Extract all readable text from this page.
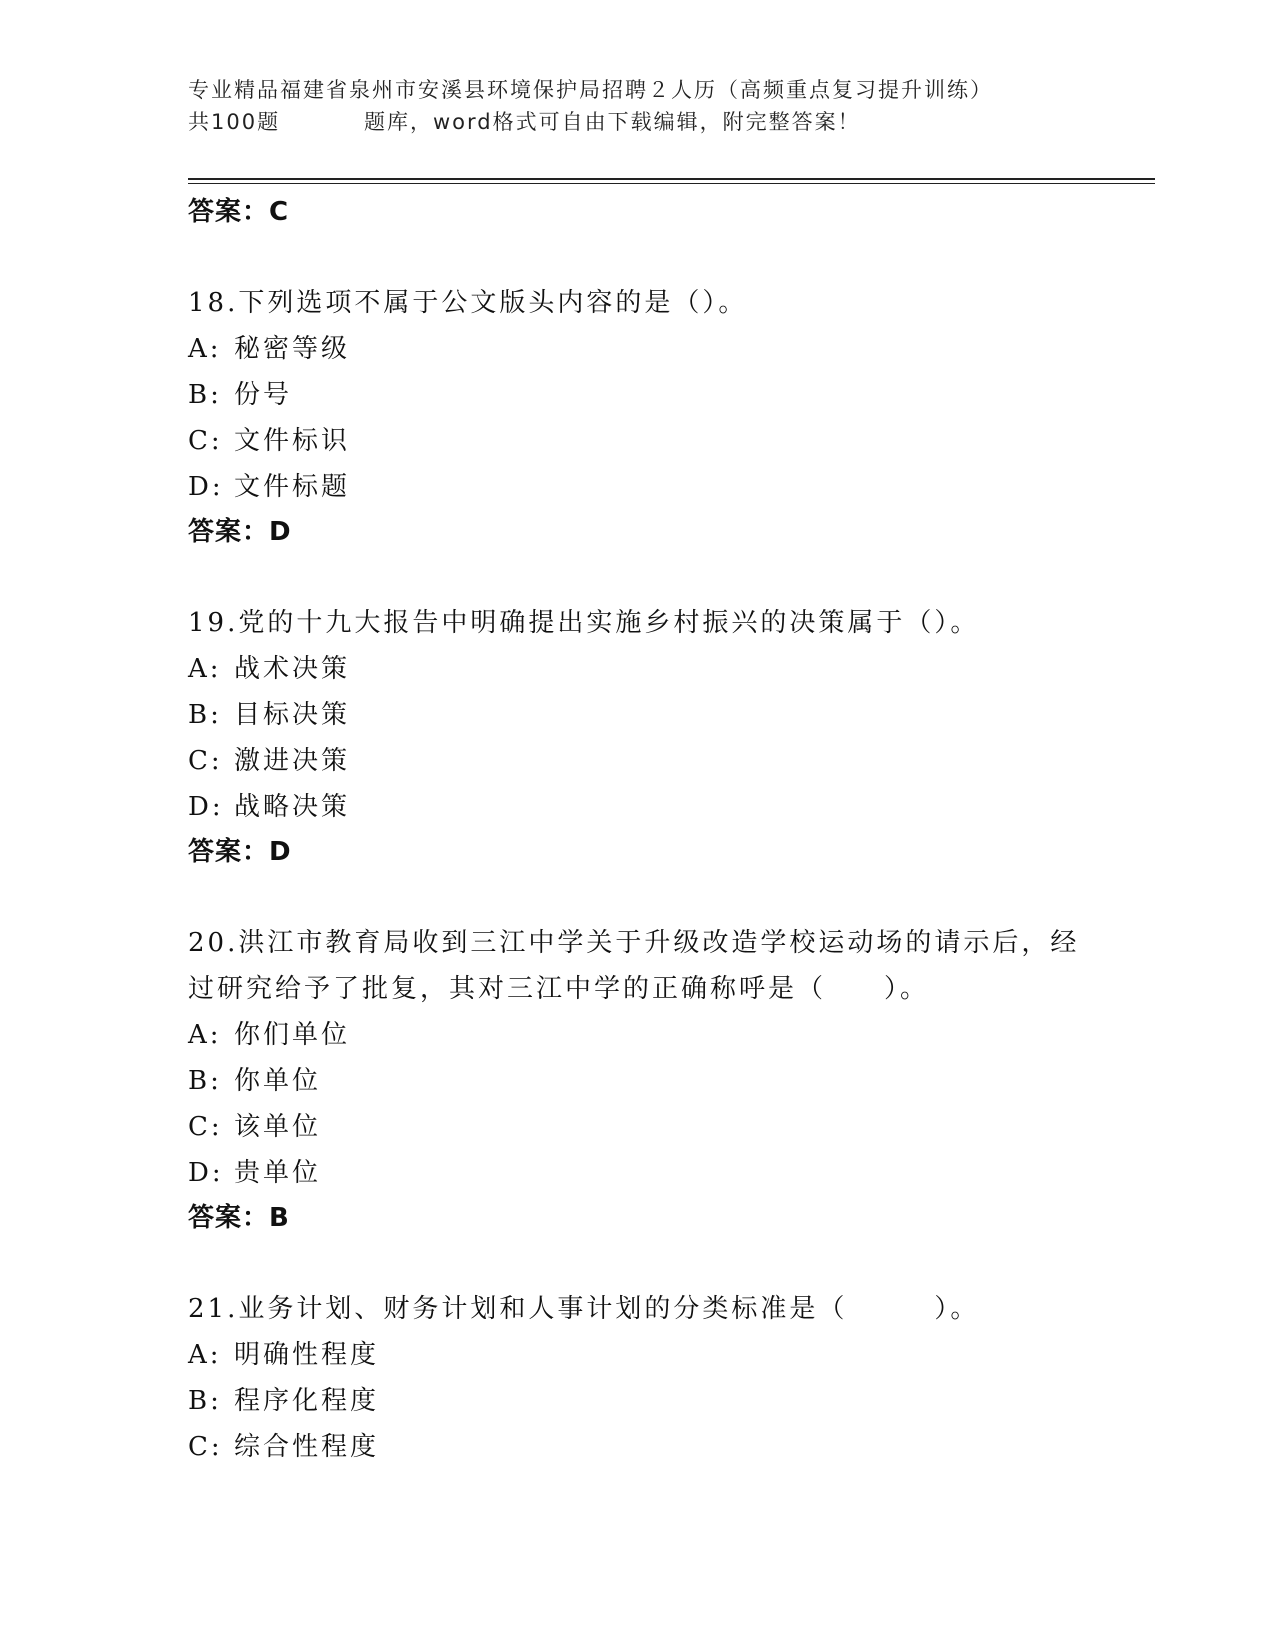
专业精品福建省泉州市安溪县环境保护局招聘２人历（高频重点复习提升训练）
共100题	题库，word格式可自由下载编辑，附完整答案！
答案：C
18.下列选项不属于公文版头内容的是（）。
A: 秘密等级
B: 份号
C: 文件标识
D: 文件标题
答案：D
19.党的十九大报告中明确提出实施乡村振兴的决策属于（）。
A: 战术决策
B: 目标决策
C: 激进决策
D: 战略决策
答案：D
20.洪江市教育局收到三江中学关于升级改造学校运动场的请示后，经过研究给予了批复，其对三江中学的正确称呼是（　　）。
A: 你们单位
B: 你单位
C: 该单位
D: 贵单位
答案：B
21.业务计划、财务计划和人事计划的分类标准是（　　　）。
A: 明确性程度
B: 程序化程度
C: 综合性程度
